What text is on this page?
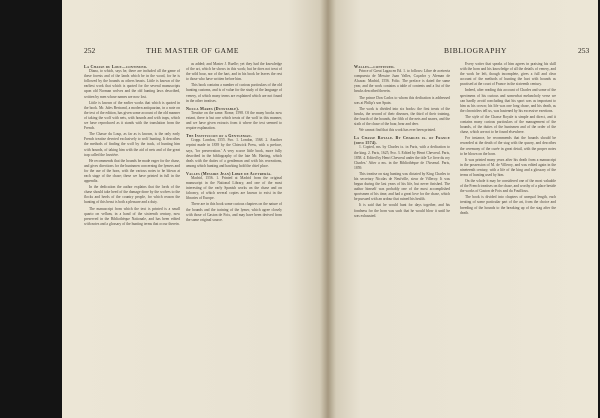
252	THE MASTER OF GAME
La Chasse du Loup—continued.

Diana, to which, says he, there are included all the game of these forests and of the lands which be in the wood, for he is followed by the hounds as others beasts. Little is known of the earliest work that which is quoted for the several manuscripts upon old Norman wolves and the old hunting laws described, written by men whose names are now lost.

Little is known of the earlier works that which is quoted in the book. Mr. Jules Bertrand, a modern antiquarian, in a note on the text of the edition, has given some account of the old manner of taking the wolf with nets, with hounds and with traps, which we have reproduced as it stands with the translation from the French.

The Chasse du Loup, as far as is known, is the only early French treatise devoted exclusively to wolf hunting. It describes the methods of finding the wolf by the track, of hunting him with hounds, of taking him with the aid of nets and of the great trap called the louvière.

He recommends that the hounds be made eager for the chase, and gives directions for the huntsmen concerning the lymers and for the use of the horn, with the various notes to be blown at each stage of the chase; these we have printed in full in the appendix.

In the dedication the author explains that the lords of the chase should take heed of the damage done by the wolves to the flocks and herds of the country people, for which reason the hunting of this beast is both a pleasure and a duty.

The manuscript from which the text is printed is a small quarto on vellum, in a hand of the sixteenth century, now preserved in the Bibliothèque Nationale, and has been edited with notes and a glossary of the hunting terms that occur therein.

as added; and Master J. Ruelle; yet they had the knowledge of the art, which he shows in this work; but he does not treat of the wild boar, nor of the hart, and in his book he leaves the rest to those who have written before him.

This book contains a number of curious particulars of the old hunting customs, and is of value for the study of the language of venery, of which many terms are explained which are not found in the other treatises.

Nocca Mares (Dunstable).

Treatise on the same. Rome, 1598. Of the many books now extant, there is but one which treats of the wolf in this manner, and we have given extracts from it where the text seemed to require explanation.

The Institucion of a Gentleman.

Cropp. London, 1555. 8vo. 1. London, 1568. 2. Another reprint made in 1839 by the Chiswick Press, with a preface, says, 'for preservation.' A very scarce little book, more fully described in the bibliography of the late Mr. Harting, which deals with the duties of a gentleman and with his recreations, among which hunting and hawking hold the chief place.

Valles (Messire Jean) Libre de Acetrería.

Madrid, 1556. 1. Printed at Madrid from the original manuscript in the National Library, and one of the most interesting of the early Spanish works on the chase and on falconry, of which several copies are known to exist in the libraries of Europe.

There are in this book some curious chapters on the nature of the hounds and the training of the lymer, which agree closely with those of Gaston de Foix, and may have been derived from the same original source.

BIBLIOGRAPHY	253
Walles—continued.

Prince of Great Lagaa en Ed. 1. to follows: Libre de acetreria compuesta de Messire Juan Valles, Caçador y Aleman de Alcazar. Madrid, 1556. Folio. The preface is dated the same year, and the work contains a table of contents and a list of the hawks described therein.

The prince Don Carlos to whom this dedication is addressed was at Philip's son Spain.

The work is divided into six books: the first treats of the hawks, the second of their diseases, the third of their training, the fourth of the hounds, the fifth of the nets and snares, and the sixth of the chase of the boar, bear and deer.

We cannot find that this work has ever been printed.

La Chasse Royale. By Charles ix. of France (died 1574).

1. Copied, ms. by Charles ix. in Paris, with a dedication to the king. 2. Paris, 1625, 8vo. 3. Edited by Henri Chevreul. Paris, 1858. 4. Edited by Henri Chevreul under the title 'Le livre du roy Charles.' After a ms. in the Bibliothèque de l'Arsenal. Paris, 1859.

This treatise on stag hunting was dictated by King Charles to his secretary Nicolas de Neufville, sieur de Villeroy. It was begun during the last years of his life, but never finished. The author himself was probably one of the most accomplished sportsmen of his time, and had a great love for the chase, which he pursued with an ardour that ruined his health.

It is said that he would hunt for days together, and his fondness for the horn was such that he would blow it until he was exhausted.

Every writer that speaks of him agrees in praising his skill with the horn and his knowledge of all the details of venery, and the work he left, though incomplete, gives a full and clear account of the methods of hunting the hart with hounds as practised at the court of France in the sixteenth century.

Indeed, after reading this account of Charles and some of the specimens of his curious and somewhat melancholy verse we can hardly avoid concluding that his sport was as important to him as his crown; his life was one long chase, and his death, as the chroniclers tell us, was hastened by his excessive exertions.

The style of the Chasse Royale is simple and direct, and it contains many curious particulars of the management of the hounds, of the duties of the huntsmen and of the order of the chase, which are not to be found elsewhere.

For instance, he recommends that the hounds should be rewarded at the death of the stag with the quarry, and describes the ceremony of the curée in great detail, with the proper notes to be blown on the horn.

It was printed many years after his death from a manuscript in the possession of M. de Villeroy, and was edited again in the nineteenth century, with a life of the king and a glossary of the terms of hunting used by him.

On the whole it may be considered one of the most valuable of the French treatises on the chase, and worthy of a place beside the works of Gaston de Foix and du Fouilloux.

The book is divided into chapters of unequal length, each treating of some particular part of the art, from the choice and breeding of the hounds to the breaking up of the stag after the death.
